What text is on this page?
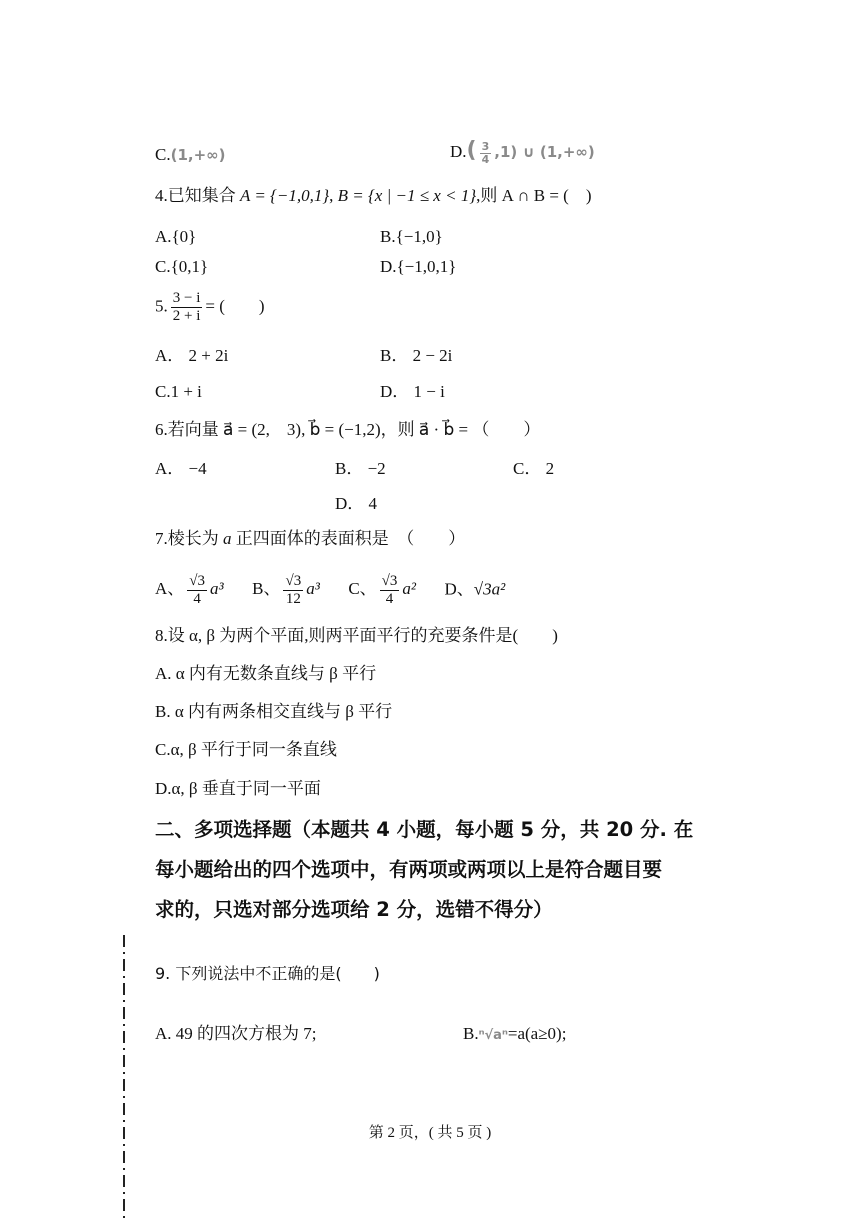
C.(1,+∞)	$D.( \frac{3}{4} ,1)$ ∪ (1,+∞)
4.已知集合 A = {−1,0,1}, B = {x | −1 ≤ x < 1},则 A ∩ B = (　)
A.{0}	B.{−1,0}
C.{0,1}	D.{−1,0,1}
5. $\frac{3 - i}{2 + i}$ = (　　)
A． 2 + 2i	B． 2 − 2i
C.1 + i	D． 1 − i
6.若向量 a⃗ = (2,　3), b⃗ = (−1,2)，则 a⃗ · b⃗ = （　　）
A． −4	B． −2	C． 2
D． 4
7.棱长为 a 正四面体的表面积是　（　　）
A、 $\frac{√3}{4} a^3$ B、 $\frac{√3}{12} a^3$ C、 $\frac{√3}{4} a^2$ D、√3a²
8.设 α, β 为两个平面,则两平面平行的充要条件是(　　)
A. α 内有无数条直线与 β 平行
B. α 内有两条相交直线与 β 平行
C.α, β 平行于同一条直线
D.α, β 垂直于同一平面
二、多项选择题（本题共 4 小题，每小题 5 分，共 20 分. 在
每小题给出的四个选项中，有两项或两项以上是符合题目要
求的，只选对部分选项给 2 分，选错不得分）
9. 下列说法中不正确的是(　　)
A. 49 的四次方根为 7;	B.ⁿ√aⁿ=a(a≥0);
第 2 页，( 共 5 页 )
